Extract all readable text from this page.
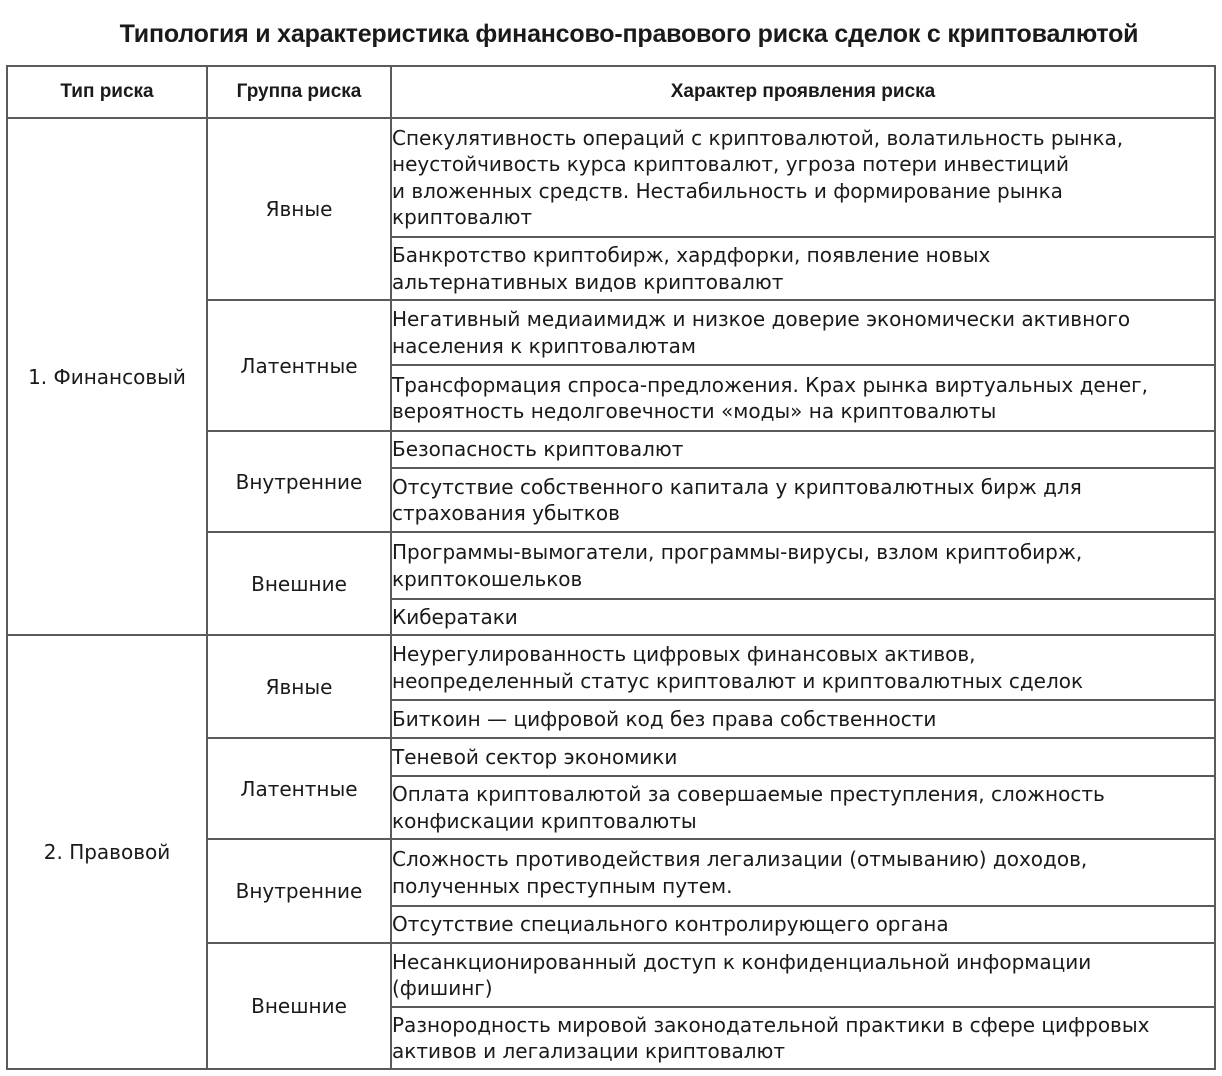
Типология и характеристика финансово-правового риска сделок с криптовалютой
Тип риска	Группа риска	Характер проявления риска
1. Финансовый	Явные	Спекулятивность операций с криптовалютой, волатильность рынка,
неустойчивость курса криптовалют, угроза потери инвестиций
и вложенных средств. Нестабильность и формирование рынка
криптовалют
		Банкротство криптобирж, хардфорки, появление новых
альтернативных видов криптовалют
	Латентные	Негативный медиаимидж и низкое доверие экономически активного
населения к криптовалютам
		Трансформация спроса-предложения. Крах рынка виртуальных денег,
вероятность недолговечности «моды» на криптовалюты
	Внутренние	Безопасность криптовалют
		Отсутствие собственного капитала у криптовалютных бирж для
страхования убытков
	Внешние	Программы-вымогатели, программы-вирусы, взлом криптобирж,
криптокошельков
		Кибератаки
2. Правовой	Явные	Неурегулированность цифровых финансовых активов,
неопределенный статус криптовалют и криптовалютных сделок
		Биткоин — цифровой код без права собственности
	Латентные	Теневой сектор экономики
		Оплата криптовалютой за совершаемые преступления, сложность
конфискации криптовалюты
	Внутренние	Сложность противодействия легализации (отмыванию) доходов,
полученных преступным путем.
		Отсутствие специального контролирующего органа
	Внешние	Несанкционированный доступ к конфиденциальной информации
(фишинг)
		Разнородность мировой законодательной практики в сфере цифровых
активов и легализации криптовалют
